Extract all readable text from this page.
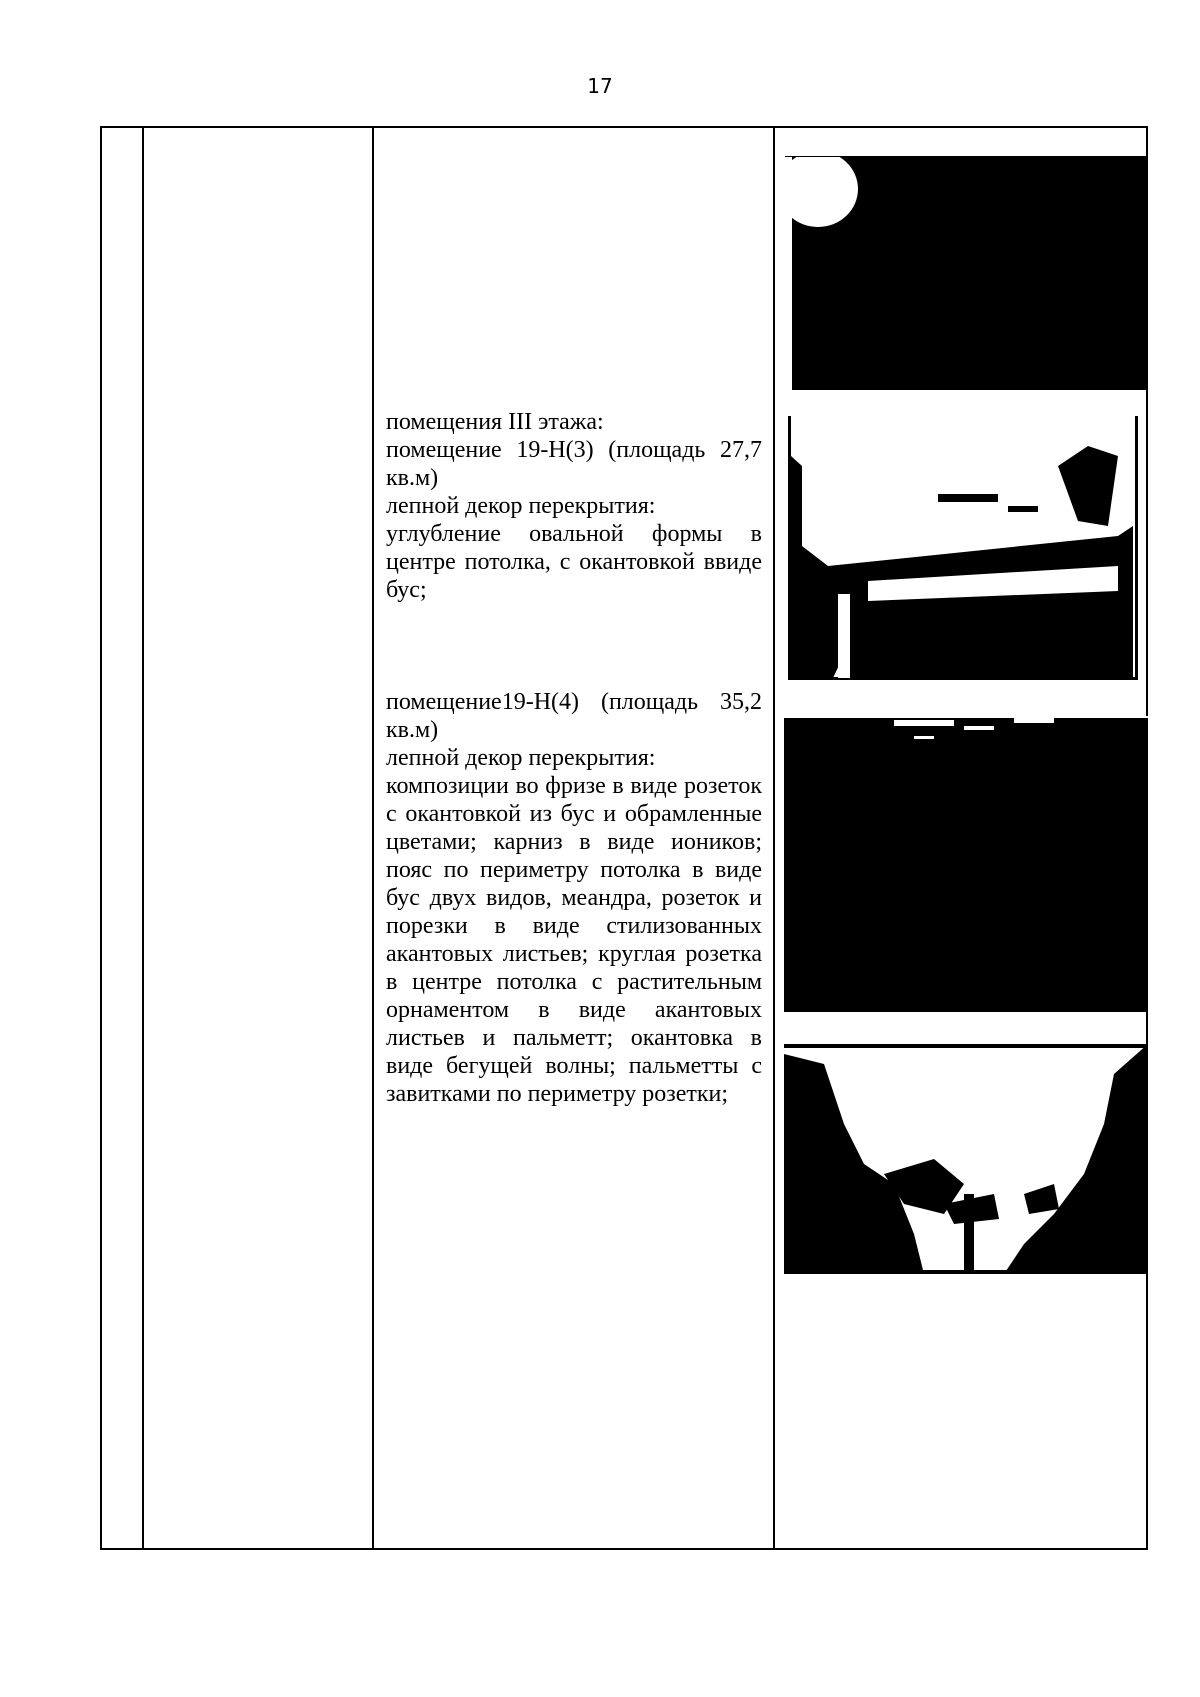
17

помещения III этажа:

помещение 19-Н(3) (площадь 27,7 кв.м)

лепной декор перекрытия:

углубление овальной формы в центре потолка, с окантовкой ввиде бус;

помещение19-Н(4) (площадь 35,2 кв.м)

лепной декор перекрытия:

композиции во фризе в виде розеток с окантовкой из бус и обрамленные цветами; карниз в виде иоников; пояс по периметру потолка в виде бус двух видов, меандра, розеток и порезки в виде стилизованных акантовых листьев; круглая розетка в центре потолка с растительным орнаментом в виде акантовых листьев и пальметт; окантовка в виде бегущей волны; пальметты с завитками по периметру розетки;
